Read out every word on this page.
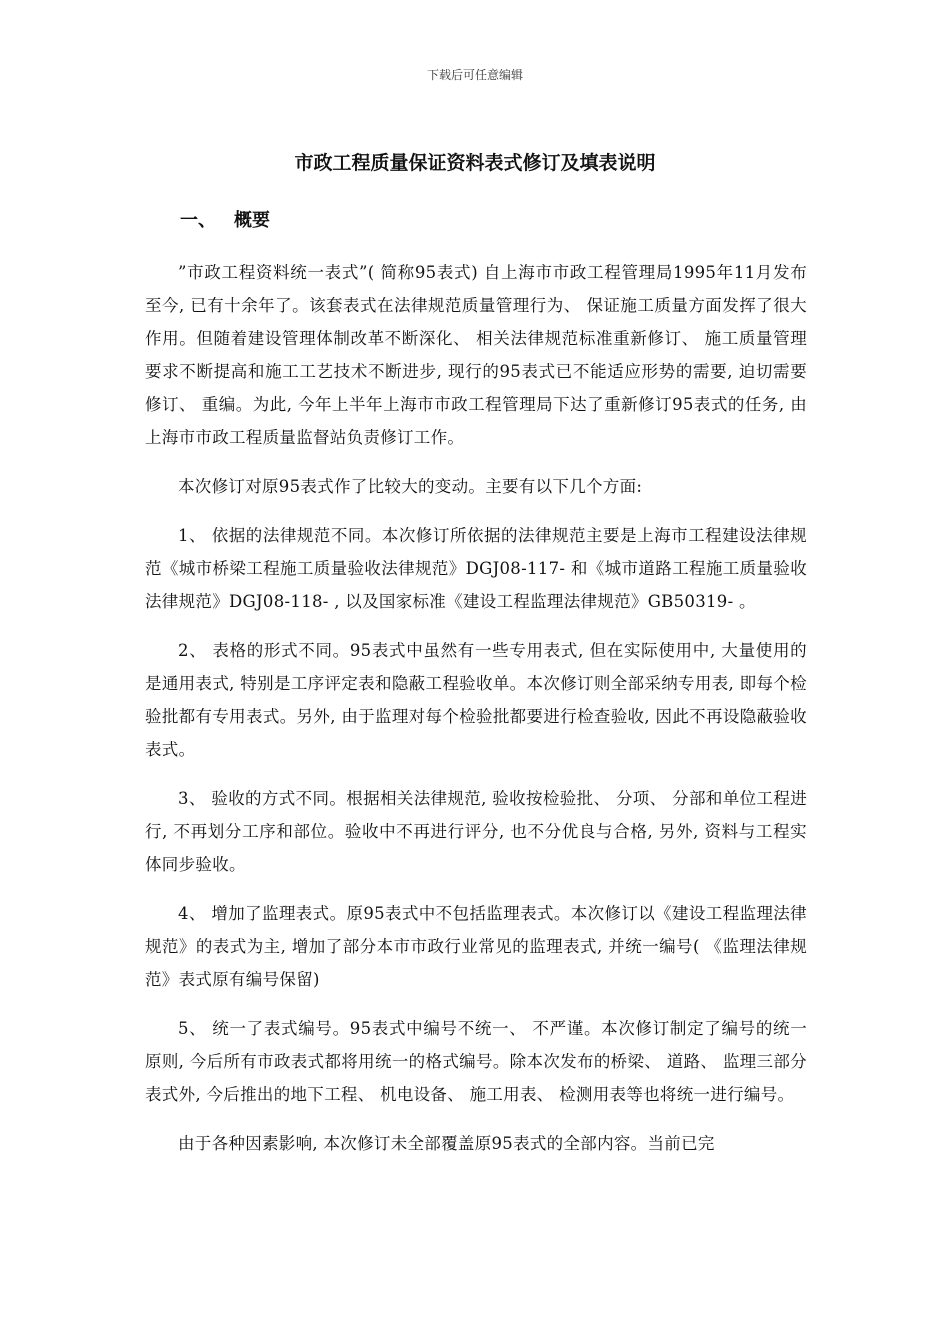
下载后可任意编辑
市政工程质量保证资料表式修订及填表说明
一、 概要

”市政工程资料统一表式”( 简称95表式) 自上海市市政工程管理局1995年11月发布至今, 已有十余年了。该套表式在法律规范质量管理行为、 保证施工质量方面发挥了很大作用。但随着建设管理体制改革不断深化、 相关法律规范标准重新修订、 施工质量管理要求不断提高和施工工艺技术不断进步, 现行的95表式已不能适应形势的需要, 迫切需要修订、 重编。为此, 今年上半年上海市市政工程管理局下达了重新修订95表式的任务, 由上海市市政工程质量监督站负责修订工作。

本次修订对原95表式作了比较大的变动。主要有以下几个方面:

1、 依据的法律规范不同。本次修订所依据的法律规范主要是上海市工程建设法律规范《城市桥梁工程施工质量验收法律规范》DGJ08-117- 和《城市道路工程施工质量验收法律规范》DGJ08-118- , 以及国家标准《建设工程监理法律规范》GB50319- 。

2、 表格的形式不同。95表式中虽然有一些专用表式, 但在实际使用中, 大量使用的是通用表式, 特别是工序评定表和隐蔽工程验收单。本次修订则全部采纳专用表, 即每个检验批都有专用表式。另外, 由于监理对每个检验批都要进行检查验收, 因此不再设隐蔽验收表式。

3、 验收的方式不同。根据相关法律规范, 验收按检验批、 分项、 分部和单位工程进行, 不再划分工序和部位。验收中不再进行评分, 也不分优良与合格, 另外, 资料与工程实体同步验收。

4、 增加了监理表式。原95表式中不包括监理表式。本次修订以《建设工程监理法律规范》的表式为主, 增加了部分本市市政行业常见的监理表式, 并统一编号( 《监理法律规范》表式原有编号保留)

5、 统一了表式编号。95表式中编号不统一、 不严谨。本次修订制定了编号的统一原则, 今后所有市政表式都将用统一的格式编号。除本次发布的桥梁、 道路、 监理三部分表式外, 今后推出的地下工程、 机电设备、 施工用表、 检测用表等也将统一进行编号。

由于各种因素影响, 本次修订未全部覆盖原95表式的全部内容。当前已完
